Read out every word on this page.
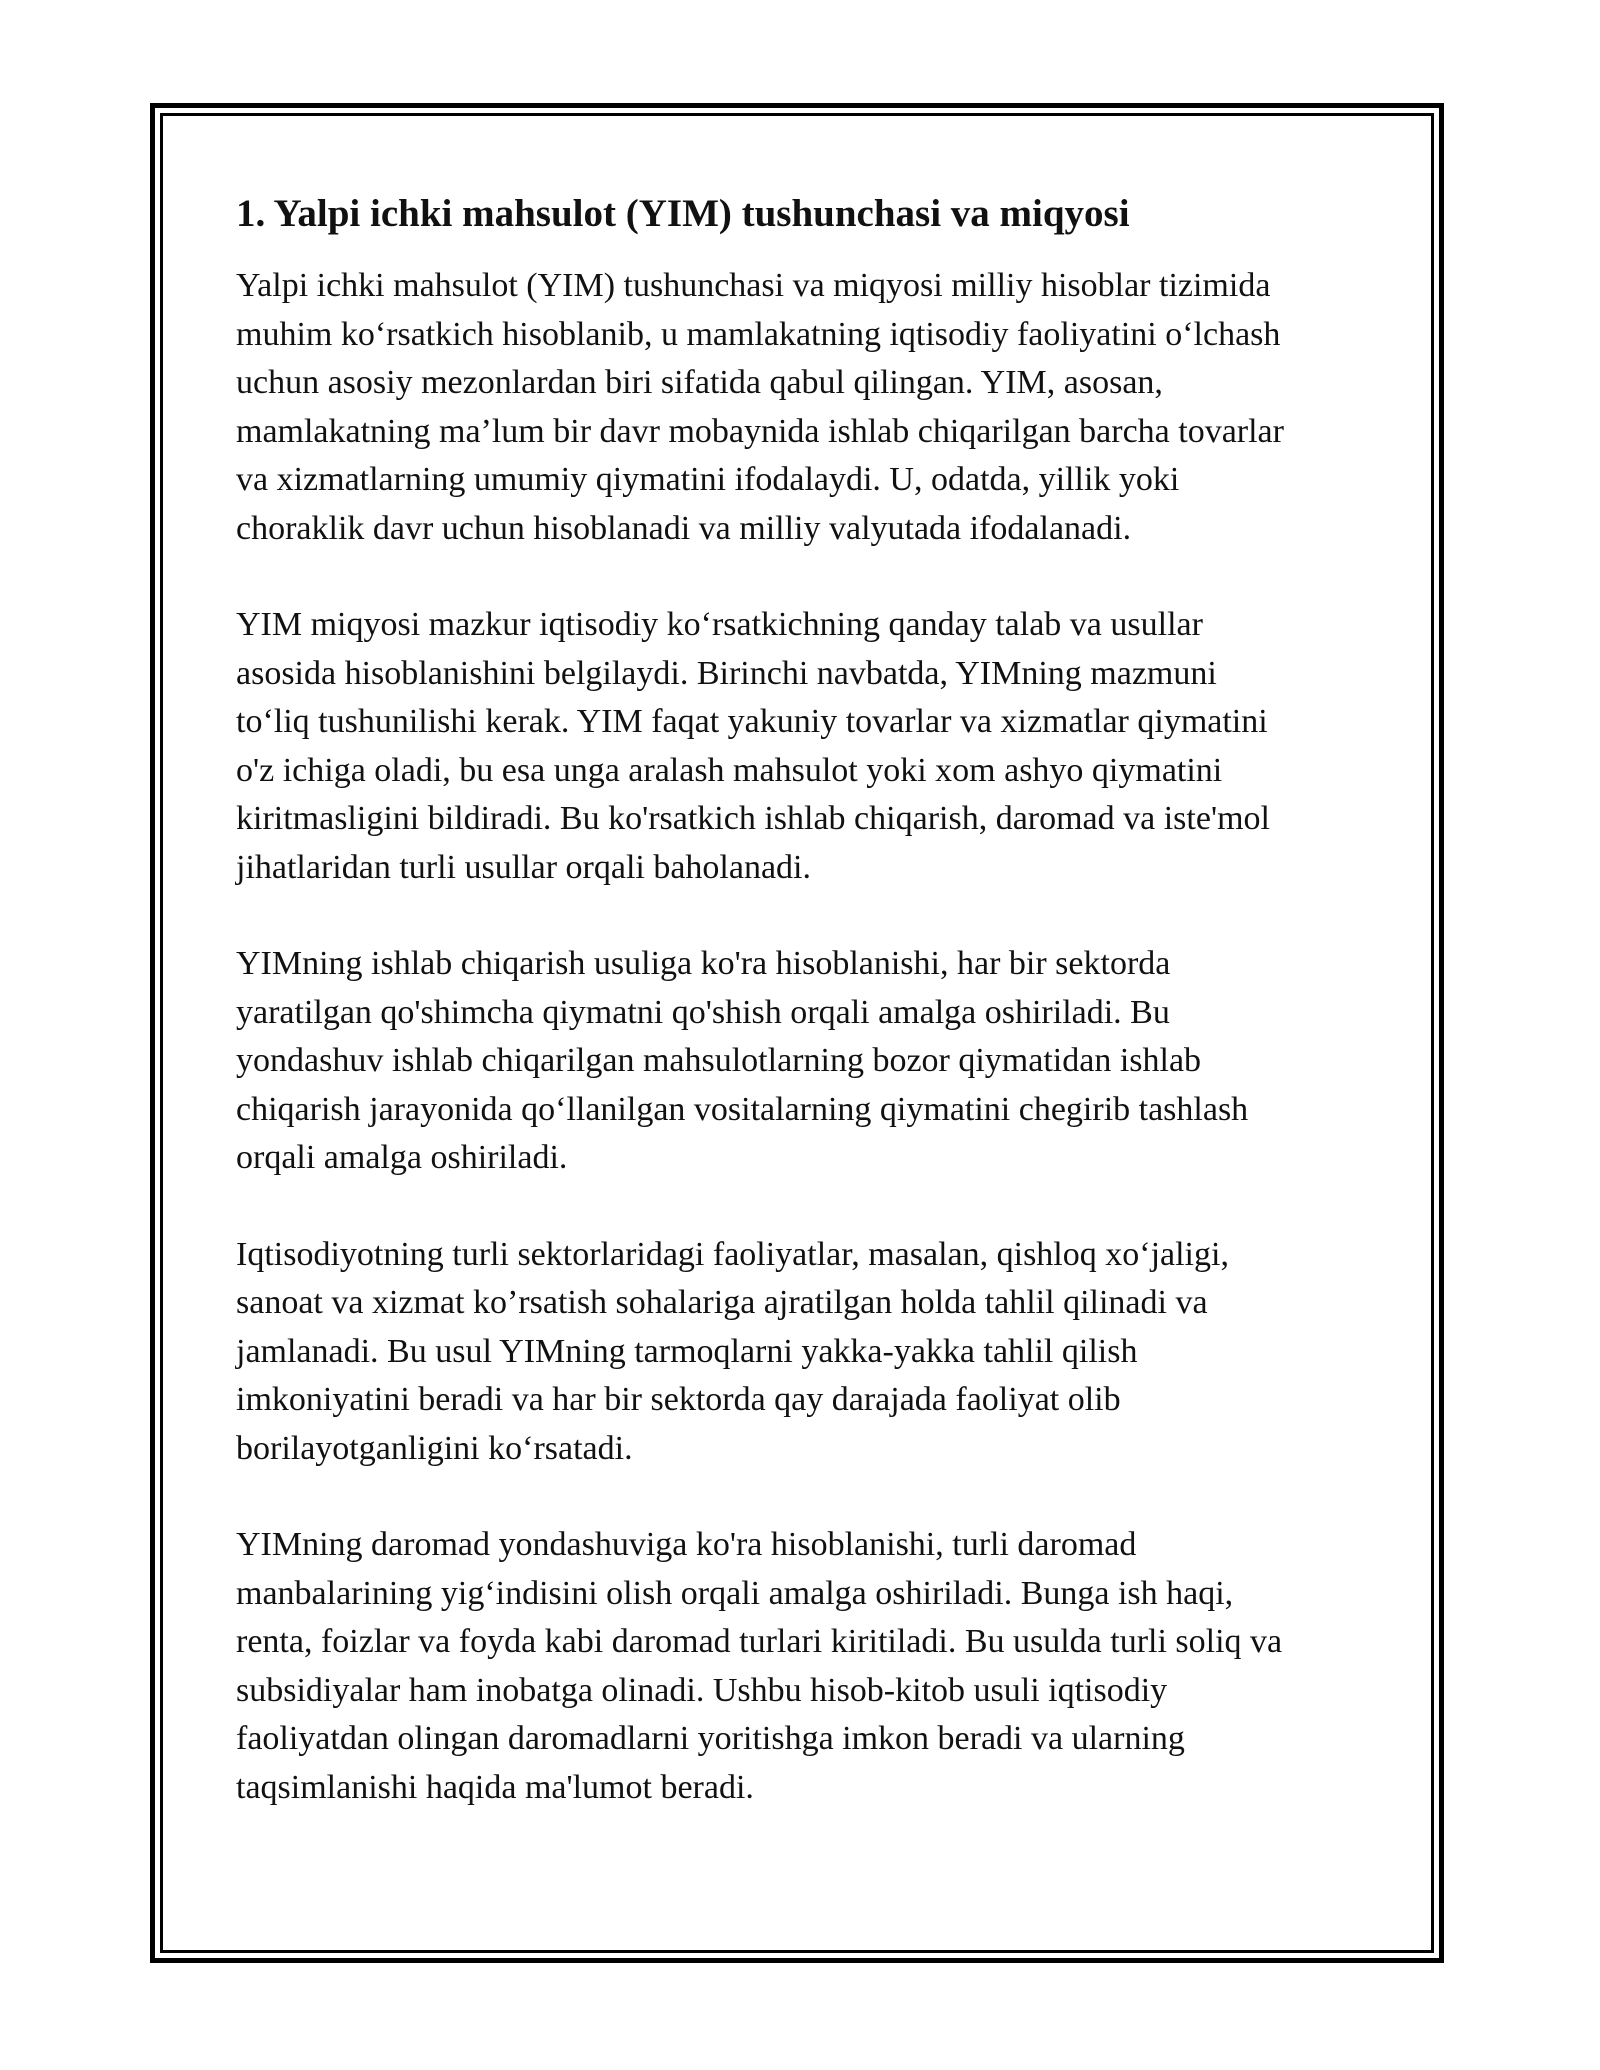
1. Yalpi ichki mahsulot (YIM) tushunchasi va miqyosi

Yalpi ichki mahsulot (YIM) tushunchasi va miqyosi milliy hisoblar tizimida
muhim ko‘rsatkich hisoblanib, u mamlakatning iqtisodiy faoliyatini o‘lchash
uchun asosiy mezonlardan biri sifatida qabul qilingan. YIM, asosan,
mamlakatning ma’lum bir davr mobaynida ishlab chiqarilgan barcha tovarlar
va xizmatlarning umumiy qiymatini ifodalaydi. U, odatda, yillik yoki
choraklik davr uchun hisoblanadi va milliy valyutada ifodalanadi.

YIM miqyosi mazkur iqtisodiy ko‘rsatkichning qanday talab va usullar
asosida hisoblanishini belgilaydi. Birinchi navbatda, YIMning mazmuni
to‘liq tushunilishi kerak. YIM faqat yakuniy tovarlar va xizmatlar qiymatini
o'z ichiga oladi, bu esa unga aralash mahsulot yoki xom ashyo qiymatini
kiritmasligini bildiradi. Bu ko'rsatkich ishlab chiqarish, daromad va iste'mol
jihatlaridan turli usullar orqali baholanadi.

YIMning ishlab chiqarish usuliga ko'ra hisoblanishi, har bir sektorda
yaratilgan qo'shimcha qiymatni qo'shish orqali amalga oshiriladi. Bu
yondashuv ishlab chiqarilgan mahsulotlarning bozor qiymatidan ishlab
chiqarish jarayonida qo‘llanilgan vositalarning qiymatini chegirib tashlash
orqali amalga oshiriladi.

Iqtisodiyotning turli sektorlaridagi faoliyatlar, masalan, qishloq xo‘jaligi,
sanoat va xizmat ko’rsatish sohalariga ajratilgan holda tahlil qilinadi va
jamlanadi. Bu usul YIMning tarmoqlarni yakka-yakka tahlil qilish
imkoniyatini beradi va har bir sektorda qay darajada faoliyat olib
borilayotganligini ko‘rsatadi.

YIMning daromad yondashuviga ko'ra hisoblanishi, turli daromad
manbalarining yig‘indisini olish orqali amalga oshiriladi. Bunga ish haqi,
renta, foizlar va foyda kabi daromad turlari kiritiladi. Bu usulda turli soliq va
subsidiyalar ham inobatga olinadi. Ushbu hisob-kitob usuli iqtisodiy
faoliyatdan olingan daromadlarni yoritishga imkon beradi va ularning
taqsimlanishi haqida ma'lumot beradi.
